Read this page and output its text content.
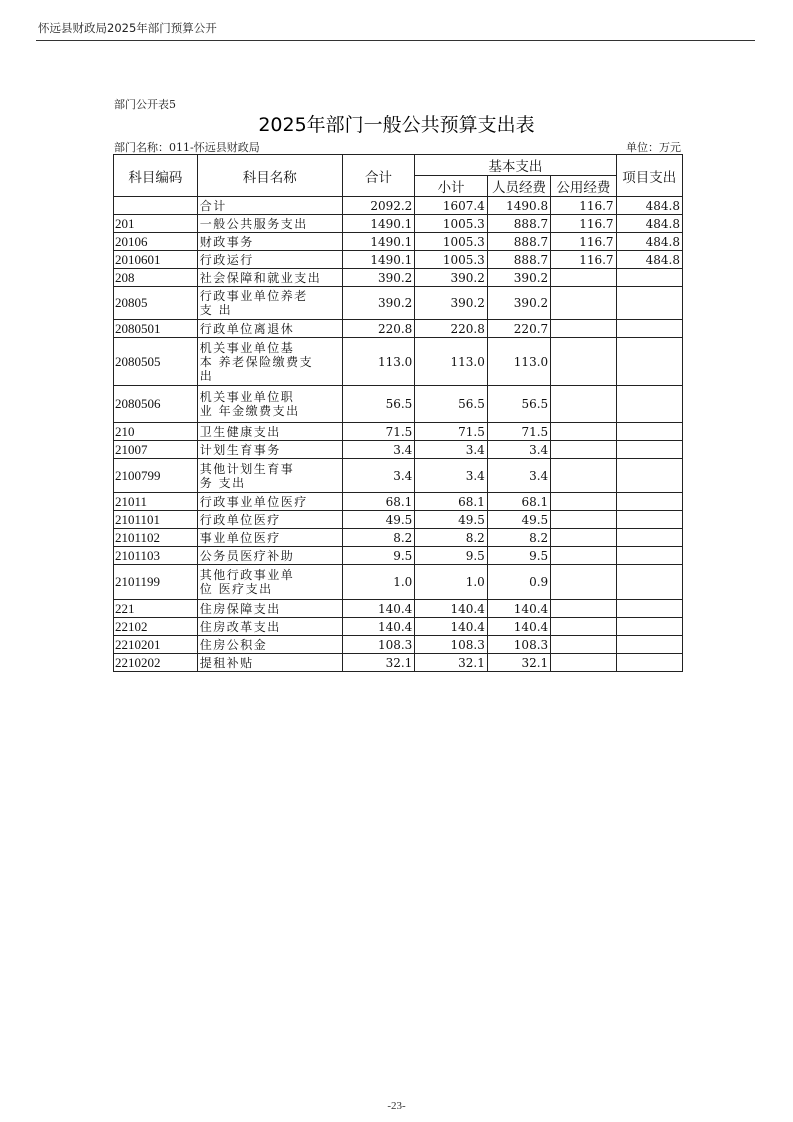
怀远县财政局2025年部门预算公开
部门公开表5
2025年部门一般公共预算支出表
部门名称：011-怀远县财政局	单位：万元
科目编码	科目名称	合计	基本支出			项目支出
			小计	人员经费	公用经费	
	合计	2092.2	1607.4	1490.8	116.7	484.8
201	一般公共服务支出	1490.1	1005.3	888.7	116.7	484.8
20106	财政事务	1490.1	1005.3	888.7	116.7	484.8
2010601	行政运行	1490.1	1005.3	888.7	116.7	484.8
208	社会保障和就业支出	390.2	390.2	390.2		
20805	行政事业单位养老
支 出	390.2	390.2	390.2		
2080501	行政单位离退休	220.8	220.8	220.7		
2080505	机关事业单位基
本 养老保险缴费支
出	113.0	113.0	113.0		
2080506	机关事业单位职
业 年金缴费支出	56.5	56.5	56.5		
210	卫生健康支出	71.5	71.5	71.5		
21007	计划生育事务	3.4	3.4	3.4		
2100799	其他计划生育事
务 支出	3.4	3.4	3.4		
21011	行政事业单位医疗	68.1	68.1	68.1		
2101101	行政单位医疗	49.5	49.5	49.5		
2101102	事业单位医疗	8.2	8.2	8.2		
2101103	公务员医疗补助	9.5	9.5	9.5		
2101199	其他行政事业单
位 医疗支出	1.0	1.0	0.9		
221	住房保障支出	140.4	140.4	140.4		
22102	住房改革支出	140.4	140.4	140.4		
2210201	住房公积金	108.3	108.3	108.3		
2210202	提租补贴	32.1	32.1	32.1		
-23-
